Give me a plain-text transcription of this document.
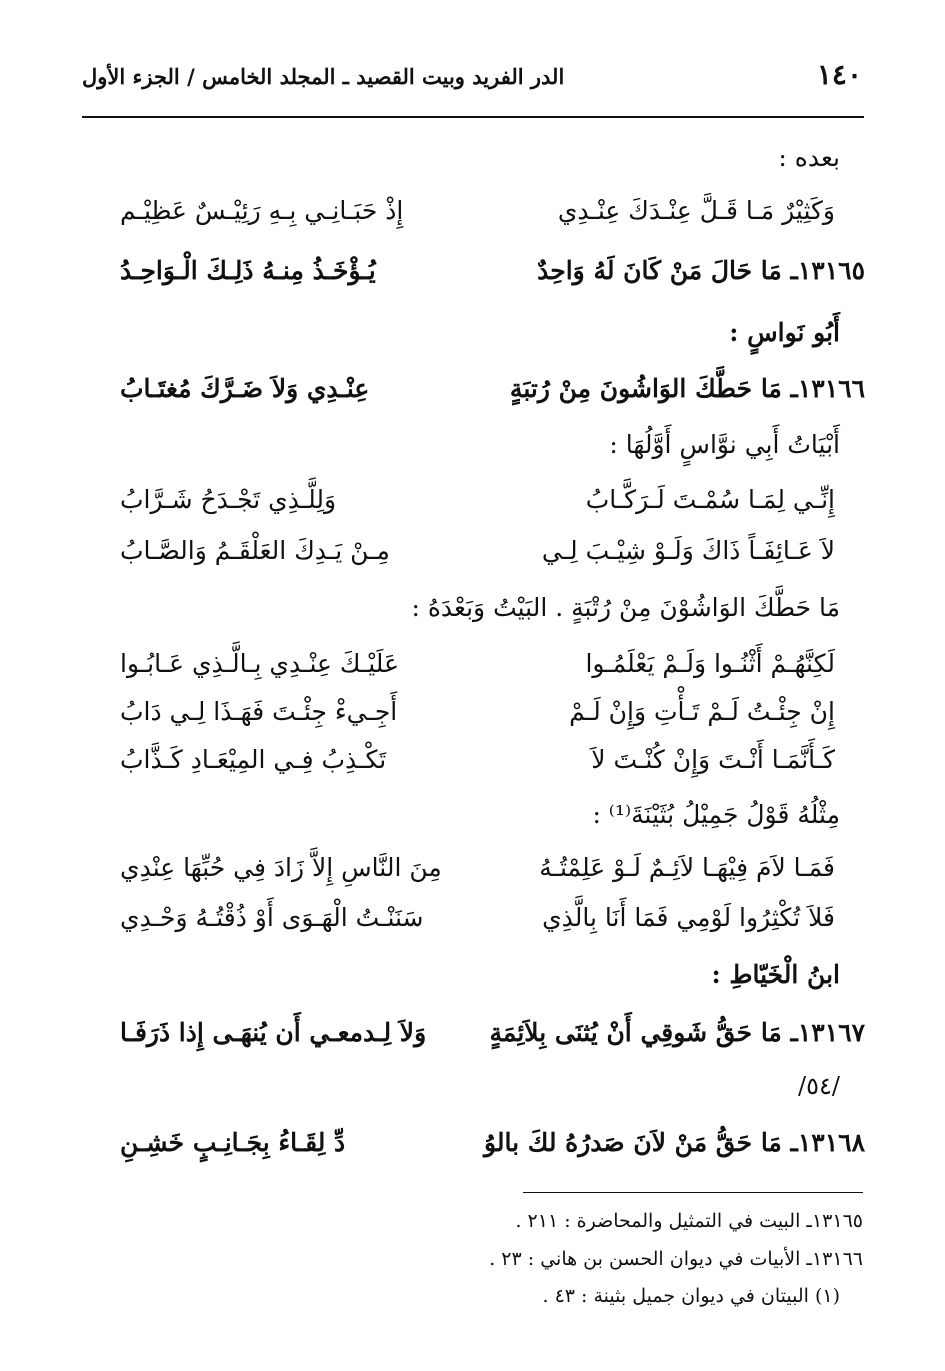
١٤٠
الدر الفريد وبيت القصيد ـ المجلد الخامس / الجزء الأول
بعده :
وَكَثِيْرٌ مَـا قَـلَّ عِنْـدَكَ عِنْـدِي
إِذْ حَبَـانِـي بِـهِ رَئِيْـسٌ عَظِيْـم
١٣١٦٥ـ مَا حَالَ مَنْ كَانَ لَهُ وَاحِدٌ
يُـؤْخَـذُ مِنـهُ ذَلِـكَ الْـوَاحِـدُ
أَبُو نَواسٍ :
١٣١٦٦ـ مَا حَطَّكَ الوَاشُونَ مِنْ رُتبَةٍ
عِنْـدِي وَلاَ ضَـرَّكَ مُغتَـابُ
أَبْيَاتُ أَبِي نوَّاسٍ أَوَّلُهَا :
إِنِّـي لِمَـا سُمْـتَ لَـرَكَّـابُ
وَلِلَّـذِي تَجْـدَحُ شَـرَّابُ
لاَ عَـائِفَـاً ذَاكَ وَلَـوْ شِيْـبَ لِـي
مِـنْ يَـدِكَ العَلْقَـمُ وَالصَّـابُ
مَا حَطَّكَ الوَاشُوْنَ مِنْ رُتْبَةٍ . البَيْتُ وَبَعْدَهُ :
لَكِنَّهُـمْ أَثْنُـوا وَلَـمْ يَعْلَمُـوا
عَلَيْـكَ عِنْـدِي بِـالَّـذِي عَـابُـوا
إِنْ جِئْـتُ لَـمْ تَـأْتِ وَإِنْ لَـمْ
أَجِـيءْ جِئْـتَ فَهَـذَا لِـي دَابُ
كَـأَنَّمَـا أَنْـتَ وَإِنْ كُنْـتَ لاَ
تَكْـذِبُ فِـي المِيْعَـادِ كَـذَّابُ
مِثْلُهُ قَوْلُ جَمِيْلُ بُثَيْنَةَ⁽¹⁾ :
فَمَـا لاَمَ فِيْهَـا لاَئِـمٌ لَـوْ عَلِمْتُـهُ
مِنَ النَّاسِ إِلاَّ زَادَ فِي حُبِّهَا عِنْدِي
فَلاَ تُكْثِرُوا لَوْمِي فَمَا أَنَا بِالَّذِي
سَنَنْـتُ الْهَـوَى أَوْ ذُقْتُـهُ وَحْـدِي
ابنُ الْخَيّاطِ :
١٣١٦٧ـ مَا حَقُّ شَوقِي أَنْ يُثنَى بِلاَئِمَةٍ
وَلاَ لِـدمعـي أَن يُنهَـى إِذا ذَرَفَـا
/٥٤/
١٣١٦٨ـ مَا حَقُّ مَنْ لاَنَ صَدرُهُ لكَ بالوُ
دِّ لِقَـاءُ بِجَـانِـبٍ خَشِـنِ
١٣١٦٥ـ البيت في التمثيل والمحاضرة : ٢١١ .
١٣١٦٦ـ الأبيات في ديوان الحسن بن هاني : ٢٣ .
(١) البيتان في ديوان جميل بثينة : ٤٣ .
